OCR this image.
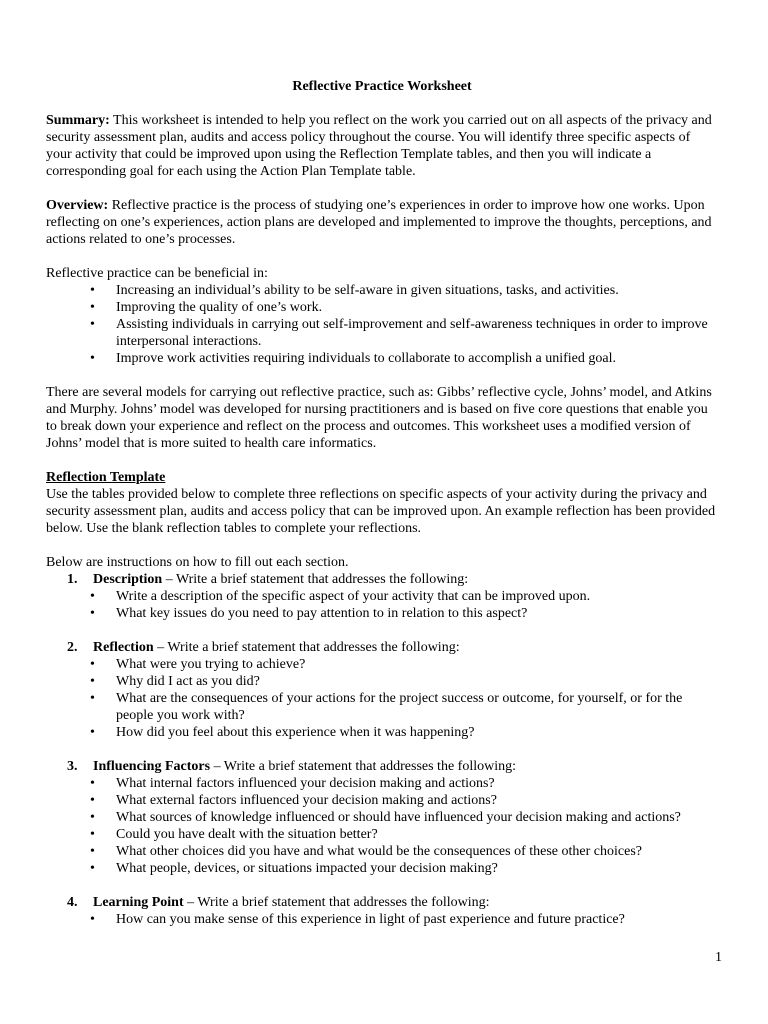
Reflective Practice Worksheet

Summary: This worksheet is intended to help you reflect on the work you carried out on all aspects of the privacy and security assessment plan, audits and access policy throughout the course. You will identify three specific aspects of your activity that could be improved upon using the Reflection Template tables, and then you will indicate a corresponding goal for each using the Action Plan Template table.

Overview: Reflective practice is the process of studying one’s experiences in order to improve how one works. Upon reflecting on one’s experiences, action plans are developed and implemented to improve the thoughts, perceptions, and actions related to one’s processes.

Reflective practice can be beneficial in:
• Increasing an individual’s ability to be self-aware in given situations, tasks, and activities.
• Improving the quality of one’s work.
• Assisting individuals in carrying out self-improvement and self-awareness techniques in order to improve interpersonal interactions.
• Improve work activities requiring individuals to collaborate to accomplish a unified goal.

There are several models for carrying out reflective practice, such as: Gibbs’ reflective cycle, Johns’ model, and Atkins and Murphy. Johns’ model was developed for nursing practitioners and is based on five core questions that enable you to break down your experience and reflect on the process and outcomes. This worksheet uses a modified version of Johns’ model that is more suited to health care informatics.

Reflection Template

Use the tables provided below to complete three reflections on specific aspects of your activity during the privacy and security assessment plan, audits and access policy that can be improved upon. An example reflection has been provided below. Use the blank reflection tables to complete your reflections.

Below are instructions on how to fill out each section.
1. Description – Write a brief statement that addresses the following:
• Write a description of the specific aspect of your activity that can be improved upon.
• What key issues do you need to pay attention to in relation to this aspect?
2. Reflection – Write a brief statement that addresses the following:
• What were you trying to achieve?
• Why did I act as you did?
• What are the consequences of your actions for the project success or outcome, for yourself, or for the people you work with?
• How did you feel about this experience when it was happening?
3. Influencing Factors – Write a brief statement that addresses the following:
• What internal factors influenced your decision making and actions?
• What external factors influenced your decision making and actions?
• What sources of knowledge influenced or should have influenced your decision making and actions?
• Could you have dealt with the situation better?
• What other choices did you have and what would be the consequences of these other choices?
• What people, devices, or situations impacted your decision making?
4. Learning Point – Write a brief statement that addresses the following:
• How can you make sense of this experience in light of past experience and future practice?
1
